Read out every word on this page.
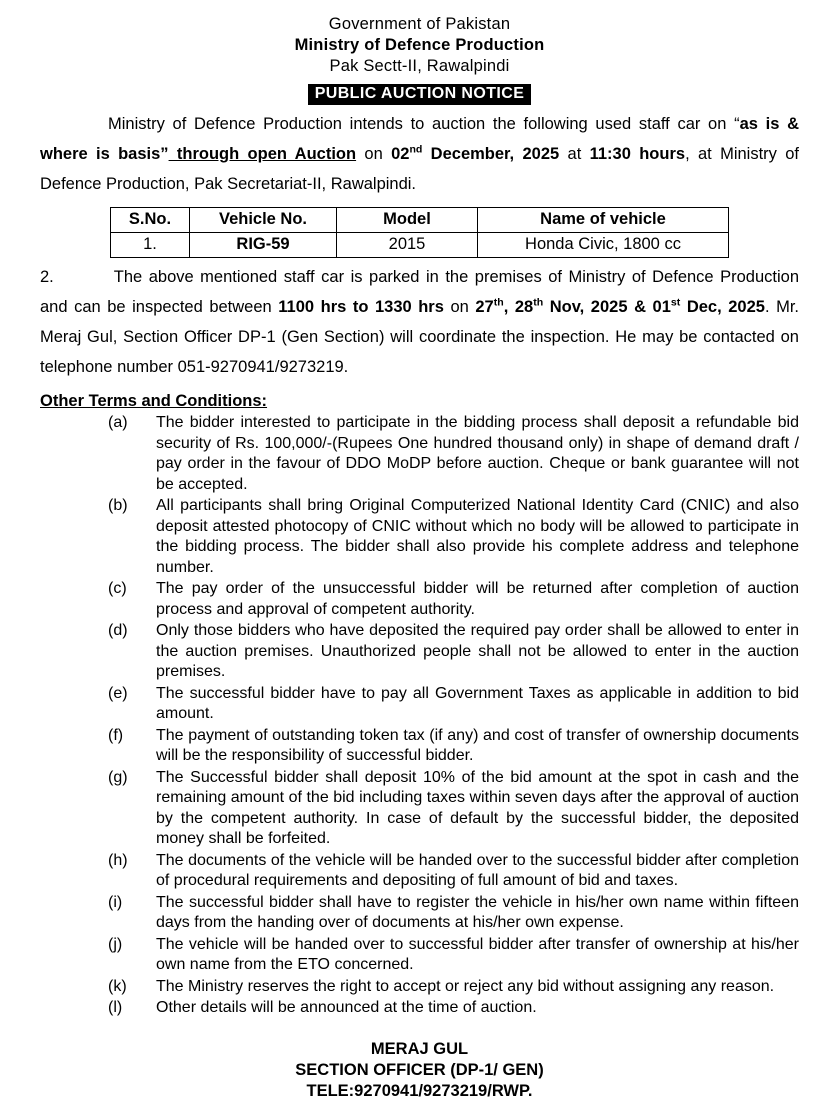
Government of Pakistan
Ministry of Defence Production
Pak Sectt-II, Rawalpindi
PUBLIC AUCTION NOTICE

Ministry of Defence Production intends to auction the following used staff car on “as is & where is basis” through open Auction on 02nd December, 2025 at 11:30 hours, at Ministry of Defence Production, Pak Secretariat-II, Rawalpindi.

S.No.	Vehicle No.	Model	Name of vehicle
1.	RIG-59	2015	Honda Civic, 1800 cc

2.	The above mentioned staff car is parked in the premises of Ministry of Defence Production and can be inspected between 1100 hrs to 1330 hrs on 27th, 28th Nov, 2025 & 01st Dec, 2025. Mr. Meraj Gul, Section Officer DP-1 (Gen Section) will coordinate the inspection. He may be contacted on telephone number 051-9270941/9273219.

Other Terms and Conditions:
(a)	The bidder interested to participate in the bidding process shall deposit a refundable bid security of Rs. 100,000/-(Rupees One hundred thousand only) in shape of demand draft / pay order in the favour of DDO MoDP before auction. Cheque or bank guarantee will not be accepted.
(b)	All participants shall bring Original Computerized National Identity Card (CNIC) and also deposit attested photocopy of CNIC without which no body will be allowed to participate in the bidding process. The bidder shall also provide his complete address and telephone number.
(c)	The pay order of the unsuccessful bidder will be returned after completion of auction process and approval of competent authority.
(d)	Only those bidders who have deposited the required pay order shall be allowed to enter in the auction premises. Unauthorized people shall not be allowed to enter in the auction premises.
(e)	The successful bidder have to pay all Government Taxes as applicable in addition to bid amount.
(f)	The payment of outstanding token tax (if any) and cost of transfer of ownership documents will be the responsibility of successful bidder.
(g)	The Successful bidder shall deposit 10% of the bid amount at the spot in cash and the remaining amount of the bid including taxes within seven days after the approval of auction by the competent authority. In case of default by the successful bidder, the deposited money shall be forfeited.
(h)	The documents of the vehicle will be handed over to the successful bidder after completion of procedural requirements and depositing of full amount of bid and taxes.
(i)	The successful bidder shall have to register the vehicle in his/her own name within fifteen days from the handing over of documents at his/her own expense.
(j)	The vehicle will be handed over to successful bidder after transfer of ownership at his/her own name from the ETO concerned.
(k)	The Ministry reserves the right to accept or reject any bid without assigning any reason.
(l)	Other details will be announced at the time of auction.
MERAJ GUL
SECTION OFFICER (DP-1/ GEN)
TELE:9270941/9273219/RWP.
